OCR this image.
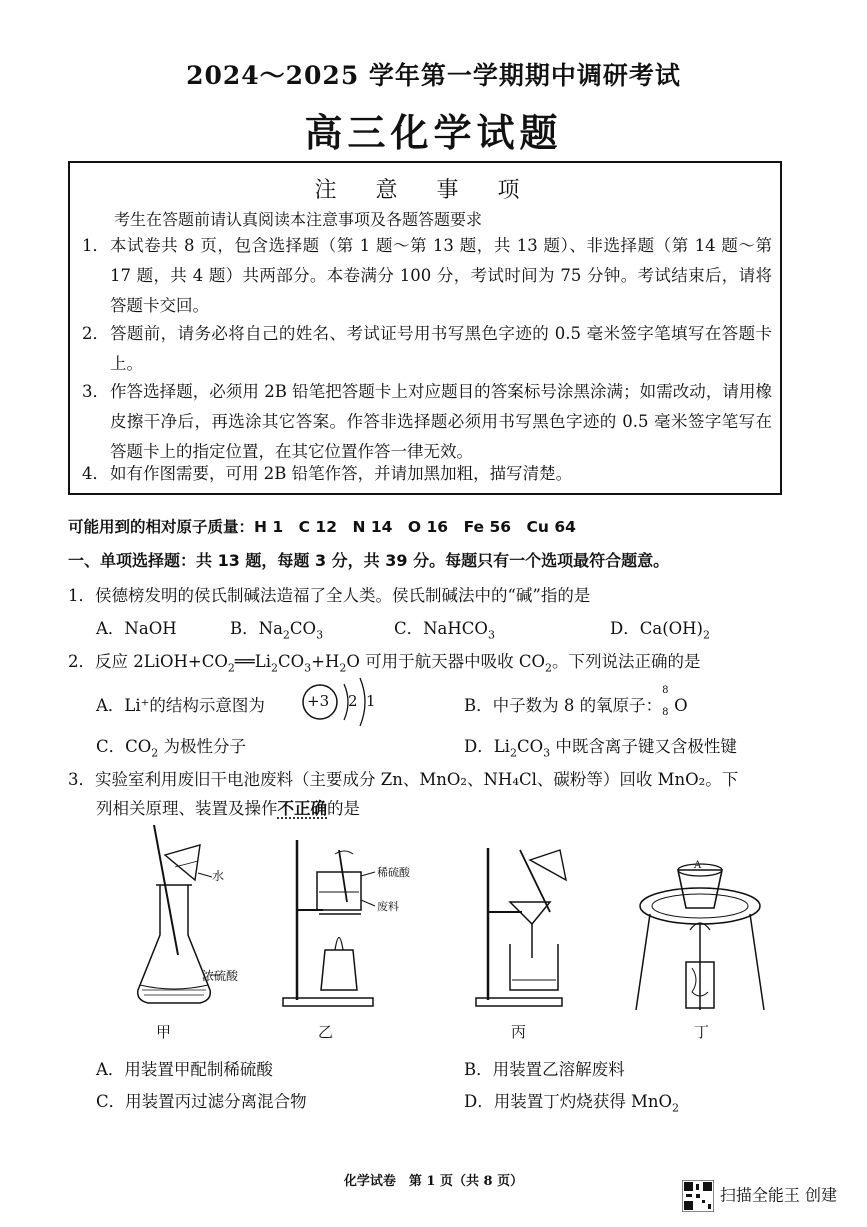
2024～2025 学年第一学期期中调研考试
高三化学试题
注 意 事 项
考生在答题前请认真阅读本注意事项及各题答题要求
1． 本试卷共 8 页，包含选择题（第 1 题～第 13 题，共 13 题）、非选择题（第 14 题～第 17 题，共 4 题）共两部分。本卷满分 100 分，考试时间为 75 分钟。考试结束后，请将答题卡交回。
2． 答题前，请务必将自己的姓名、考试证号用书写黑色字迹的 0.5 毫米签字笔填写在答题卡上。
3． 作答选择题，必须用 2B 铅笔把答题卡上对应题目的答案标号涂黑涂满；如需改动，请用橡皮擦干净后，再选涂其它答案。作答非选择题必须用书写黑色字迹的 0.5 毫米签字笔写在答题卡上的指定位置，在其它位置作答一律无效。
4． 如有作图需要，可用 2B 铅笔作答，并请加黑加粗，描写清楚。
可能用到的相对原子质量：H 1　C 12　N 14　O 16　Fe 56　Cu 64
一、单项选择题：共 13 题，每题 3 分，共 39 分。每题只有一个选项最符合题意。
1．侯德榜发明的侯氏制碱法造福了全人类。侯氏制碱法中的“碱”指的是
A．NaOH	B．$Na_2CO_3$	C．NaHCO$_3$	D．$Ca(OH)_2$
2．反应 $2LiOH+CO_2══Li_2CO_3+H_2O$ 可用于航天器中吸收 $CO_2$。下列说法正确的是
A．Li⁺的结构示意图为	+3 2 1	B．中子数为 8 的氧原子：
8
8 O
C．$CO_2$ 为极性分子	D．$Li_2CO_3$ 中既含离子键又含极性键
3．实验室利用废旧干电池废料（主要成分 Zn、MnO₂、NH₄Cl、碳粉等）回收 MnO₂。下
列相关原理、装置及操作不正确的是
水
浓硫酸
稀硫酸
废料
A
甲	乙	丙	丁
A．用装置甲配制稀硫酸	B．用装置乙溶解废料
C．用装置丙过滤分离混合物	D．用装置丁灼烧获得 MnO$_2$
化学试卷　第 1 页（共 8 页）
扫描全能王 创建
